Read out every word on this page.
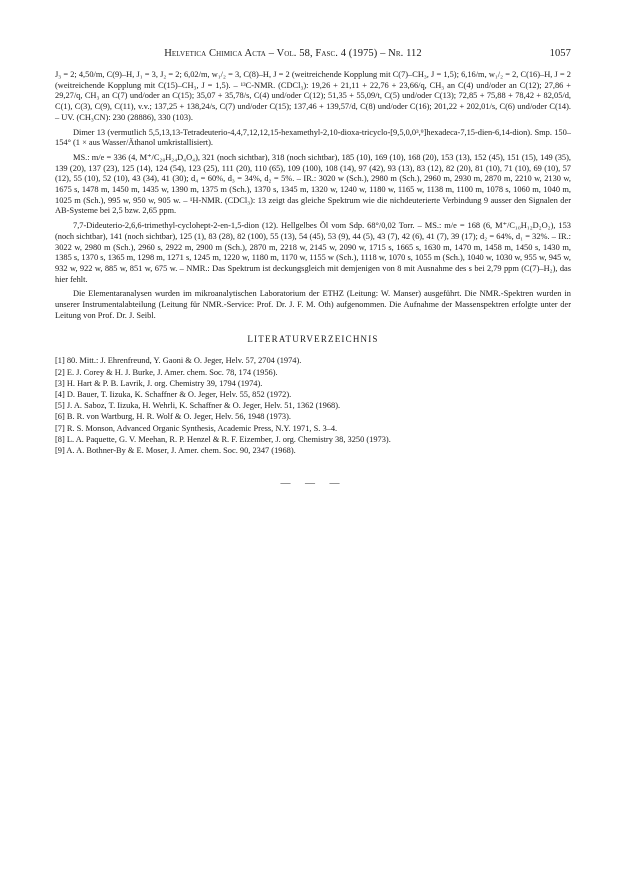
Helvetica Chimica Acta – Vol. 58, Fasc. 4 (1975) – Nr. 112	1057

J₃ = 2; 4,50/m, C(9)–H, J₁ = 3, J₂ = 2; 6,02/m, w₁/₂ = 3, C(8)–H, J = 2 (weitreichende Kopplung mit C(7)–CH₃, J = 1,5); 6,16/m, w₁/₂ = 2, C(16)–H, J = 2 (weitreichende Kopplung mit C(15)–CH₃, J = 1,5). – ¹³C-NMR. (CDCl₃): 19,26 + 21,11 + 22,76 + 23,66/q, CH₃ an C(4) und/oder an C(12); 27,86 + 29,27/q, CH₃ an C(7) und/oder an C(15); 35,07 + 35,78/s, C(4) und/oder C(12); 51,35 + 55,09/t, C(5) und/oder C(13); 72,85 + 75,88 + 78,42 + 82,05/d, C(1), C(3), C(9), C(11), v.v.; 137,25 + 138,24/s, C(7) und/oder C(15); 137,46 + 139,57/d, C(8) und/oder C(16); 201,22 + 202,01/s, C(6) und/oder C(14). – UV. (CH₃CN): 230 (28886), 330 (103).

Dimer 13 (vermutlich 5,5,13,13-Tetradeuterio-4,4,7,12,12,15-hexamethyl-2,10-dioxa-tricyclo-[9,5,0,0³,⁹]hexadeca-7,15-dien-6,14-dion). Smp. 150–154° (1 × aus Wasser/Äthanol umkristallisiert).

MS.: m/e = 336 (4, M⁺/C₂₀H₂₄D₄O₄), 321 (noch sichtbar), 318 (noch sichtbar), 185 (10), 169 (10), 168 (20), 153 (13), 152 (45), 151 (15), 149 (35), 139 (20), 137 (23), 125 (14), 124 (54), 123 (25), 111 (20), 110 (65), 109 (100), 108 (14), 97 (42), 93 (13), 83 (12), 82 (20), 81 (10), 71 (10), 69 (10), 57 (12), 55 (10), 52 (10), 43 (34), 41 (30); d₄ = 60%, d₃ = 34%, d₂ = 5%. – IR.: 3020 w (Sch.), 2980 m (Sch.), 2960 m, 2930 m, 2870 m, 2210 w, 2130 w, 1675 s, 1478 m, 1450 m, 1435 w, 1390 m, 1375 m (Sch.), 1370 s, 1345 m, 1320 w, 1240 w, 1180 w, 1165 w, 1138 m, 1100 m, 1078 s, 1060 m, 1040 m, 1025 m (Sch.), 995 w, 950 w, 905 w. – ¹H-NMR. (CDCl₃): 13 zeigt das gleiche Spektrum wie die nichdeuterierte Verbindung 9 ausser den Signalen der AB-Systeme bei 2,5 bzw. 2,65 ppm.

7,7-Dideuterio-2,6,6-trimethyl-cyclohept-2-en-1,5-dion (12). Hellgelbes Öl vom Sdp. 68°/0,02 Torr. – MS.: m/e = 168 (6, M⁺/C₁₀H₁₂D₂O₂), 153 (noch sichtbar), 141 (noch sichtbar), 125 (1), 83 (28), 82 (100), 55 (13), 54 (45), 53 (9), 44 (5), 43 (7), 42 (6), 41 (7), 39 (17); d₂ = 64%, d₁ = 32%. – IR.: 3022 w, 2980 m (Sch.), 2960 s, 2922 m, 2900 m (Sch.), 2870 m, 2218 w, 2145 w, 2090 w, 1715 s, 1665 s, 1630 m, 1470 m, 1458 m, 1450 s, 1430 m, 1385 s, 1370 s, 1365 m, 1298 m, 1271 s, 1245 m, 1220 w, 1180 m, 1170 w, 1155 w (Sch.), 1118 w, 1070 s, 1055 m (Sch.), 1040 w, 1030 w, 955 w, 945 w, 932 w, 922 w, 885 w, 851 w, 675 w. – NMR.: Das Spektrum ist deckungsgleich mit demjenigen von 8 mit Ausnahme des s bei 2,79 ppm (C(7)–H₂), das hier fehlt.

Die Elementaranalysen wurden im mikroanalytischen Laboratorium der ETHZ (Leitung: W. Manser) ausgeführt. Die NMR.-Spektren wurden in unserer Instrumentalabteilung (Leitung für NMR.-Service: Prof. Dr. J. F. M. Oth) aufgenommen. Die Aufnahme der Massenspektren erfolgte unter der Leitung von Prof. Dr. J. Seibl.

LITERATURVERZEICHNIS
[1] 80. Mitt.: J. Ehrenfreund, Y. Gaoni & O. Jeger, Helv. 57, 2704 (1974).
[2] E. J. Corey & H. J. Burke, J. Amer. chem. Soc. 78, 174 (1956).
[3] H. Hart & P. B. Lavrik, J. org. Chemistry 39, 1794 (1974).
[4] D. Bauer, T. Iizuka, K. Schaffner & O. Jeger, Helv. 55, 852 (1972).
[5] J. A. Saboz, T. Iizuka, H. Wehrli, K. Schaffner & O. Jeger, Helv. 51, 1362 (1968).
[6] B. R. von Wartburg, H. R. Wolf & O. Jeger, Helv. 56, 1948 (1973).
[7] R. S. Monson, Advanced Organic Synthesis, Academic Press, N.Y. 1971, S. 3–4.
[8] L. A. Paquette, G. V. Meehan, R. P. Henzel & R. F. Eizember, J. org. Chemistry 38, 3250 (1973).
[9] A. A. Bothner-By & E. Moser, J. Amer. chem. Soc. 90, 2347 (1968).
— — —
